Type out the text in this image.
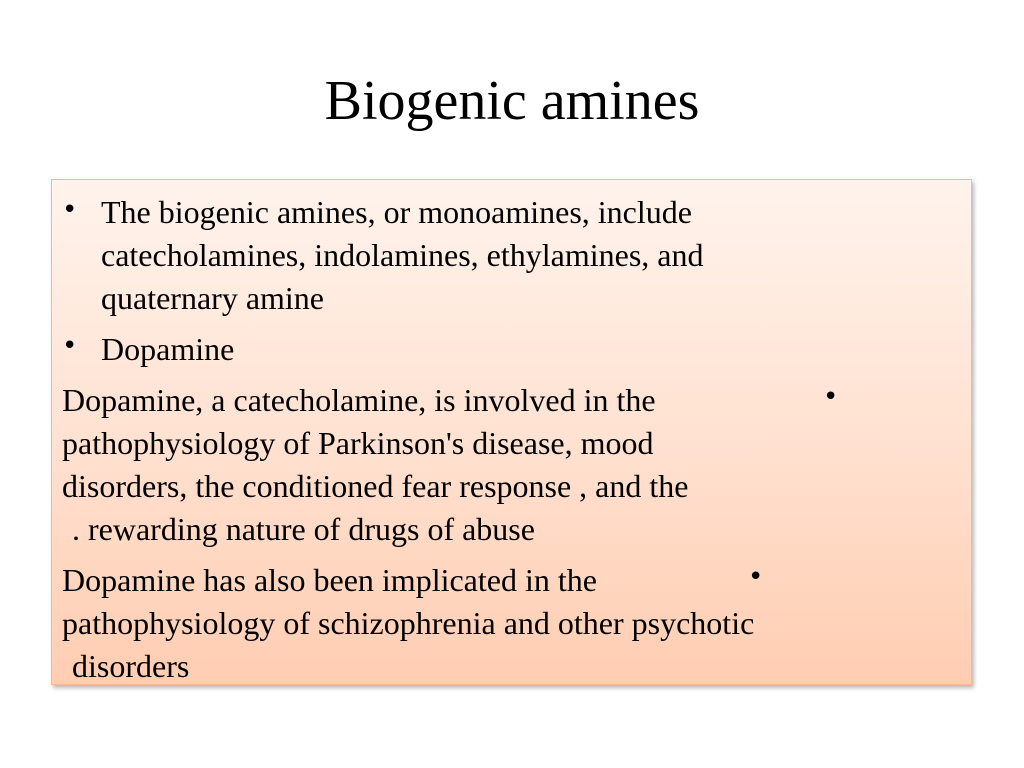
Biogenic amines
• The biogenic amines, or monoamines, include
catecholamines, indolamines, ethylamines, and
quaternary amine
• Dopamine
Dopamine, a catecholamine, is involved in the	•
pathophysiology of Parkinson's disease, mood
disorders, the conditioned fear response , and the
. rewarding nature of drugs of abuse
Dopamine has also been implicated in the	•
pathophysiology of schizophrenia and other psychotic
disorders
